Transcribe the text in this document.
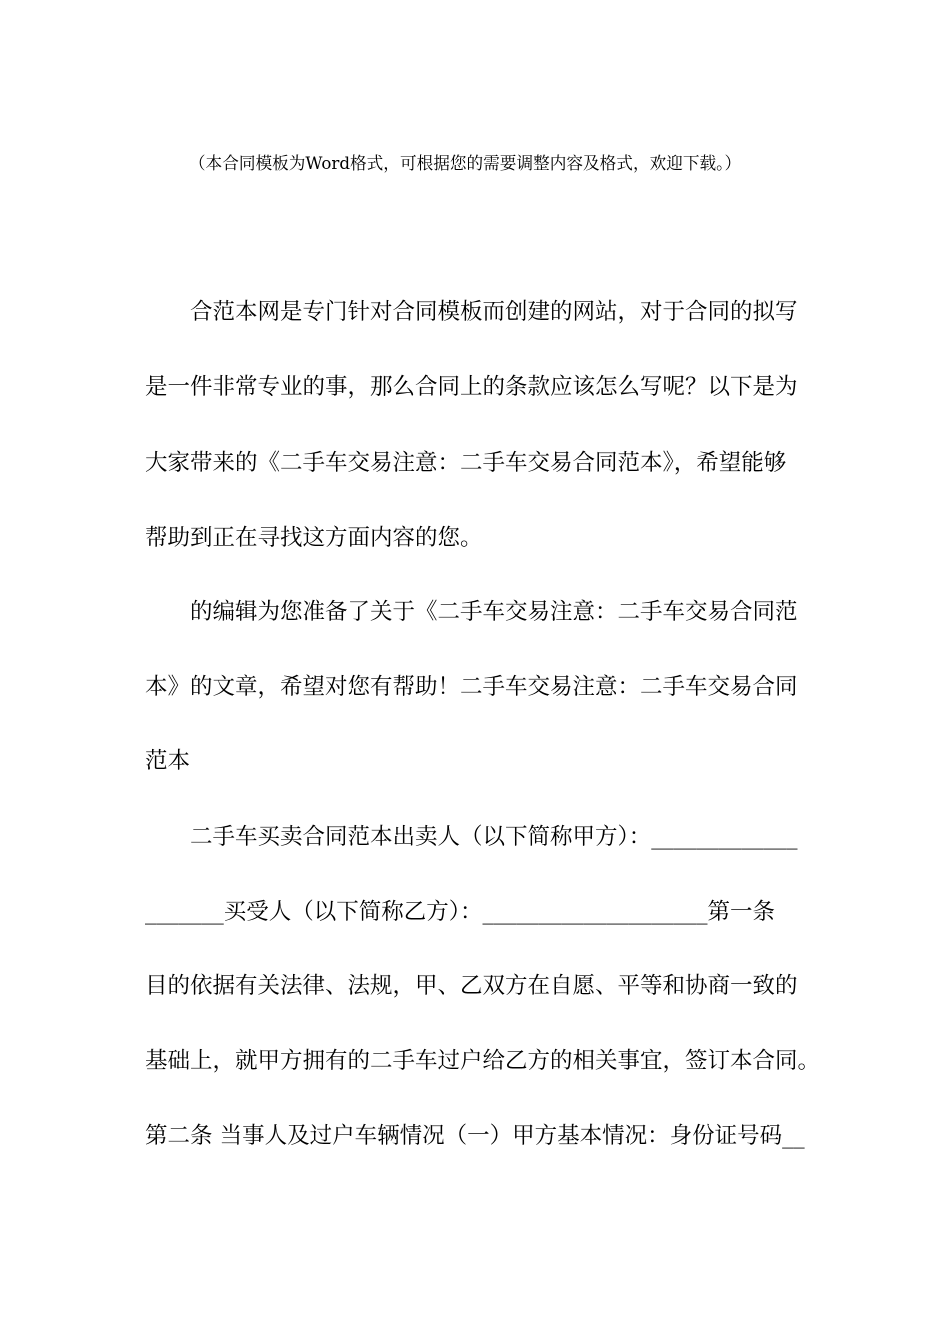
（本合同模板为Word格式，可根据您的需要调整内容及格式，欢迎下载。）
合范本网是专门针对合同模板而创建的网站，对于合同的拟写
是一件非常专业的事，那么合同上的条款应该怎么写呢？以下是为
大家带来的《二手车交易注意：二手车交易合同范本》，希望能够
帮助到正在寻找这方面内容的您。
的编辑为您准备了关于《二手车交易注意：二手车交易合同范
本》的文章，希望对您有帮助！二手车交易注意：二手车交易合同
范本
二手车买卖合同范本出卖人（以下简称甲方）：_____________
_______买受人（以下简称乙方）：____________________第一条
目的依据有关法律、法规，甲、乙双方在自愿、平等和协商一致的
基础上，就甲方拥有的二手车过户给乙方的相关事宜，签订本合同。
第二条 当事人及过户车辆情况（一）甲方基本情况：身份证号码__
